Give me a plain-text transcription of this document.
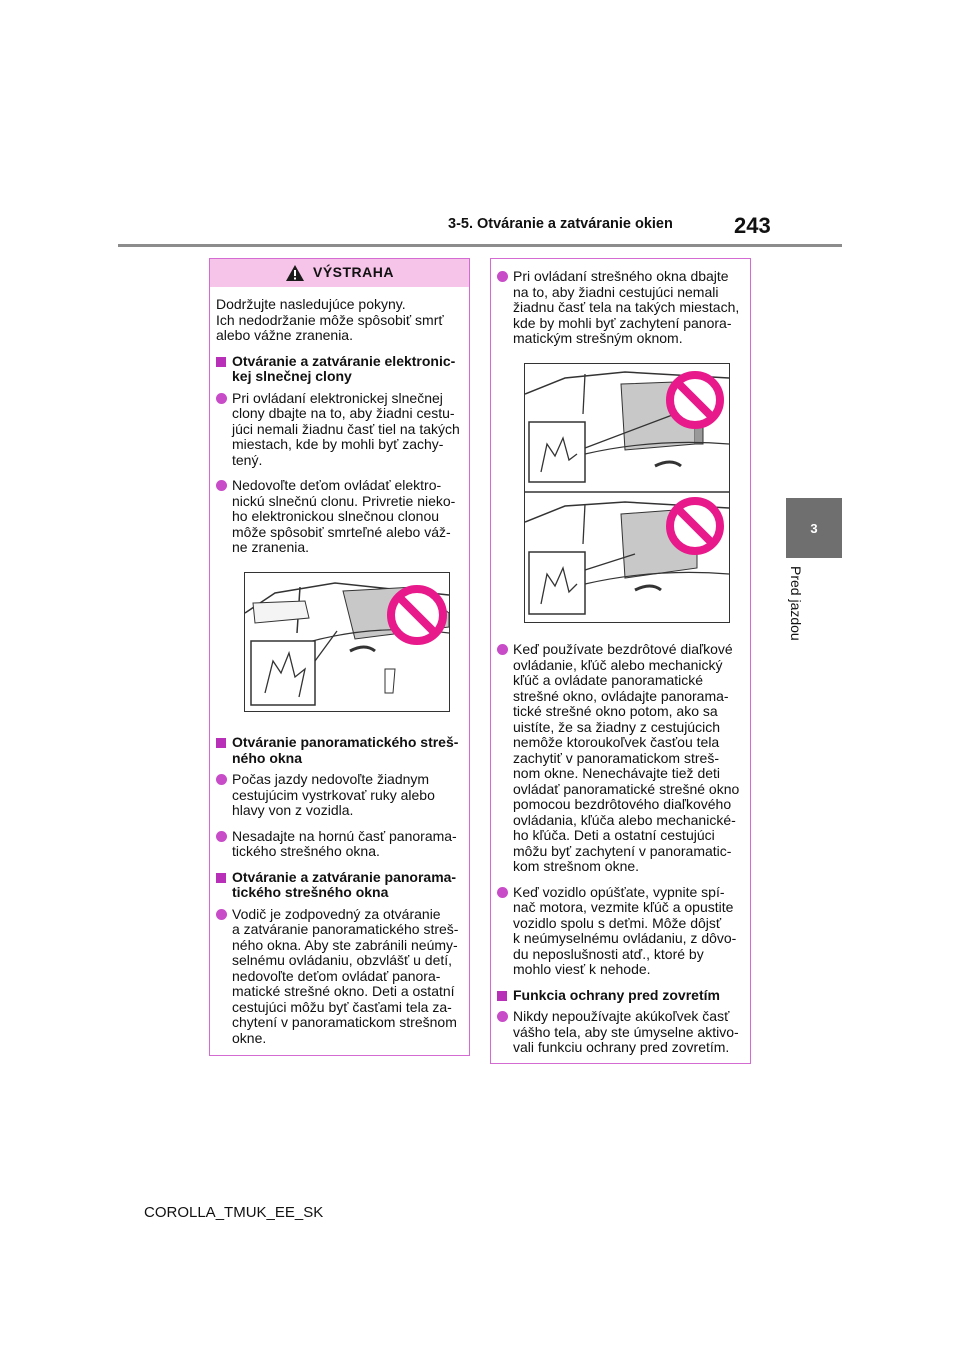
3-5. Otváranie a zatváranie okien	243
3
Pred jazdou
VÝSTRAHA
Dodržujte nasledujúce pokyny.
Ich nedodržanie môže spôsobiť smrť
alebo vážne zranenia.
Otváranie a zatváranie elektronic-
kej slnečnej clony
Pri ovládaní elektronickej slnečnej
clony dbajte na to, aby žiadni cestu-
júci nemali žiadnu časť tiel na takých
miestach, kde by mohli byť zachy-
tený.
Nedovoľte deťom ovládať elektro-
nickú slnečnú clonu. Privretie nieko-
ho elektronickou slnečnou clonou
môže spôsobiť smrteľné alebo váž-
ne zranenia.
Otváranie panoramatického streš-
ného okna
Počas jazdy nedovoľte žiadnym
cestujúcim vystrkovať ruky alebo
hlavy von z vozidla.
Nesadajte na hornú časť panorama-
tického strešného okna.
Otváranie a zatváranie panorama-
tického strešného okna
Vodič je zodpovedný za otváranie
a zatváranie panoramatického streš-
ného okna. Aby ste zabránili neúmy-
selnému ovládaniu, obzvlášť u detí,
nedovoľte deťom ovládať panora-
matické strešné okno. Deti a ostatní
cestujúci môžu byť časťami tela za-
chytení v panoramatickom strešnom
okne.
Pri ovládaní strešného okna dbajte
na to, aby žiadni cestujúci nemali
žiadnu časť tela na takých miestach,
kde by mohli byť zachytení panora-
matickým strešným oknom.
Keď používate bezdrôtové diaľkové
ovládanie, kľúč alebo mechanický
kľúč a ovládate panoramatické
strešné okno, ovládajte panorama-
tické strešné okno potom, ako sa
uistíte, že sa žiadny z cestujúcich
nemôže ktoroukoľvek časťou tela
zachytiť v panoramatickom streš-
nom okne. Nenechávajte tiež deti
ovládať panoramatické strešné okno
pomocou bezdrôtového diaľkového
ovládania, kľúča alebo mechanické-
ho kľúča. Deti a ostatní cestujúci
môžu byť zachytení v panoramatic-
kom strešnom okne.
Keď vozidlo opúšťate, vypnite spí-
nač motora, vezmite kľúč a opustite
vozidlo spolu s deťmi. Môže dôjsť
k neúmyselnému ovládaniu, z dôvo-
du neposlušnosti atď., ktoré by
mohlo viesť k nehode.
Funkcia ochrany pred zovretím
Nikdy nepoužívajte akúkoľvek časť
vášho tela, aby ste úmyselne aktivo-
vali funkciu ochrany pred zovretím.
COROLLA_TMUK_EE_SK
